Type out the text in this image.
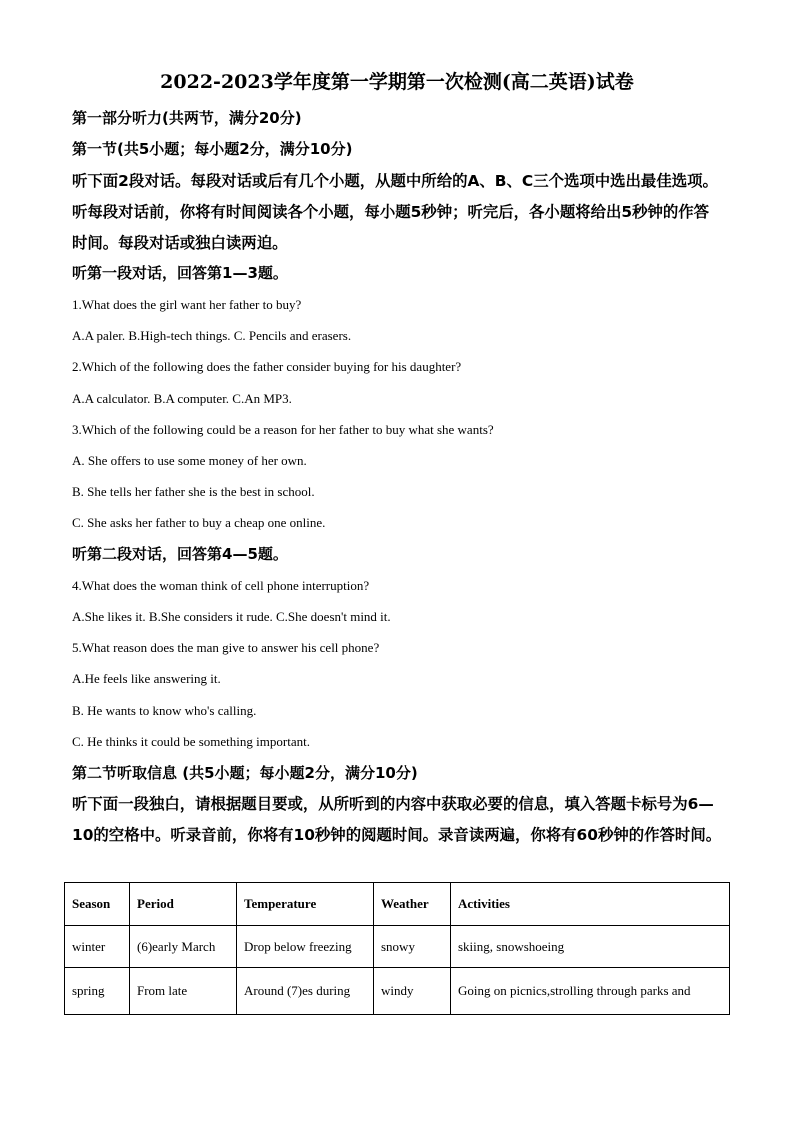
2022-2023学年度第一学期第一次检测(高二英语)试卷
第一部分听力(共两节，满分20分)
第一节(共5小题；每小题2分，满分10分)
听下面2段对话。每段对话或后有几个小题，从题中所给的A、B、C三个选项中选出最佳选项。听每段对话前，你将有时间阅读各个小题，每小题5秒钟；听完后，各小题将给出5秒钟的作答时间。每段对话或独白读两迫。
听第一段对话，回答第1—3题。
1.What does the girl want her father to buy?
A.A paler. B.High-tech things. C. Pencils and erasers.
2.Which of the following does the father consider buying for his daughter?
A.A calculator. B.A computer. C.An MP3.
3.Which of the following could be a reason for her father to buy what she wants?
A. She offers to use some money of her own.
B. She tells her father she is the best in school.
C. She asks her father to buy a cheap one online.
听第二段对话，回答第4—5题。
4.What does the woman think of cell phone interruption?
A.She likes it. B.She considers it rude. C.She doesn't mind it.
5.What reason does the man give to answer his cell phone?
A.He feels like answering it.
B. He wants to know who's calling.
C. He thinks it could be something important.
第二节听取信息 (共5小题；每小题2分，满分10分)
听下面一段独白，请根据题目要或，从所听到的内容中获取必要的信息，填入答题卡标号为6—10的空格中。听录音前，你将有10秒钟的阅题时间。录音读两遍，你将有60秒钟的作答时间。
Season	Period	Temperature	Weather	Activities
winter	(6)early March	Drop below freezing	snowy	skiing, snowshoeing
spring	From late	Around (7)es during	windy	Going on picnics,strolling through parks and
